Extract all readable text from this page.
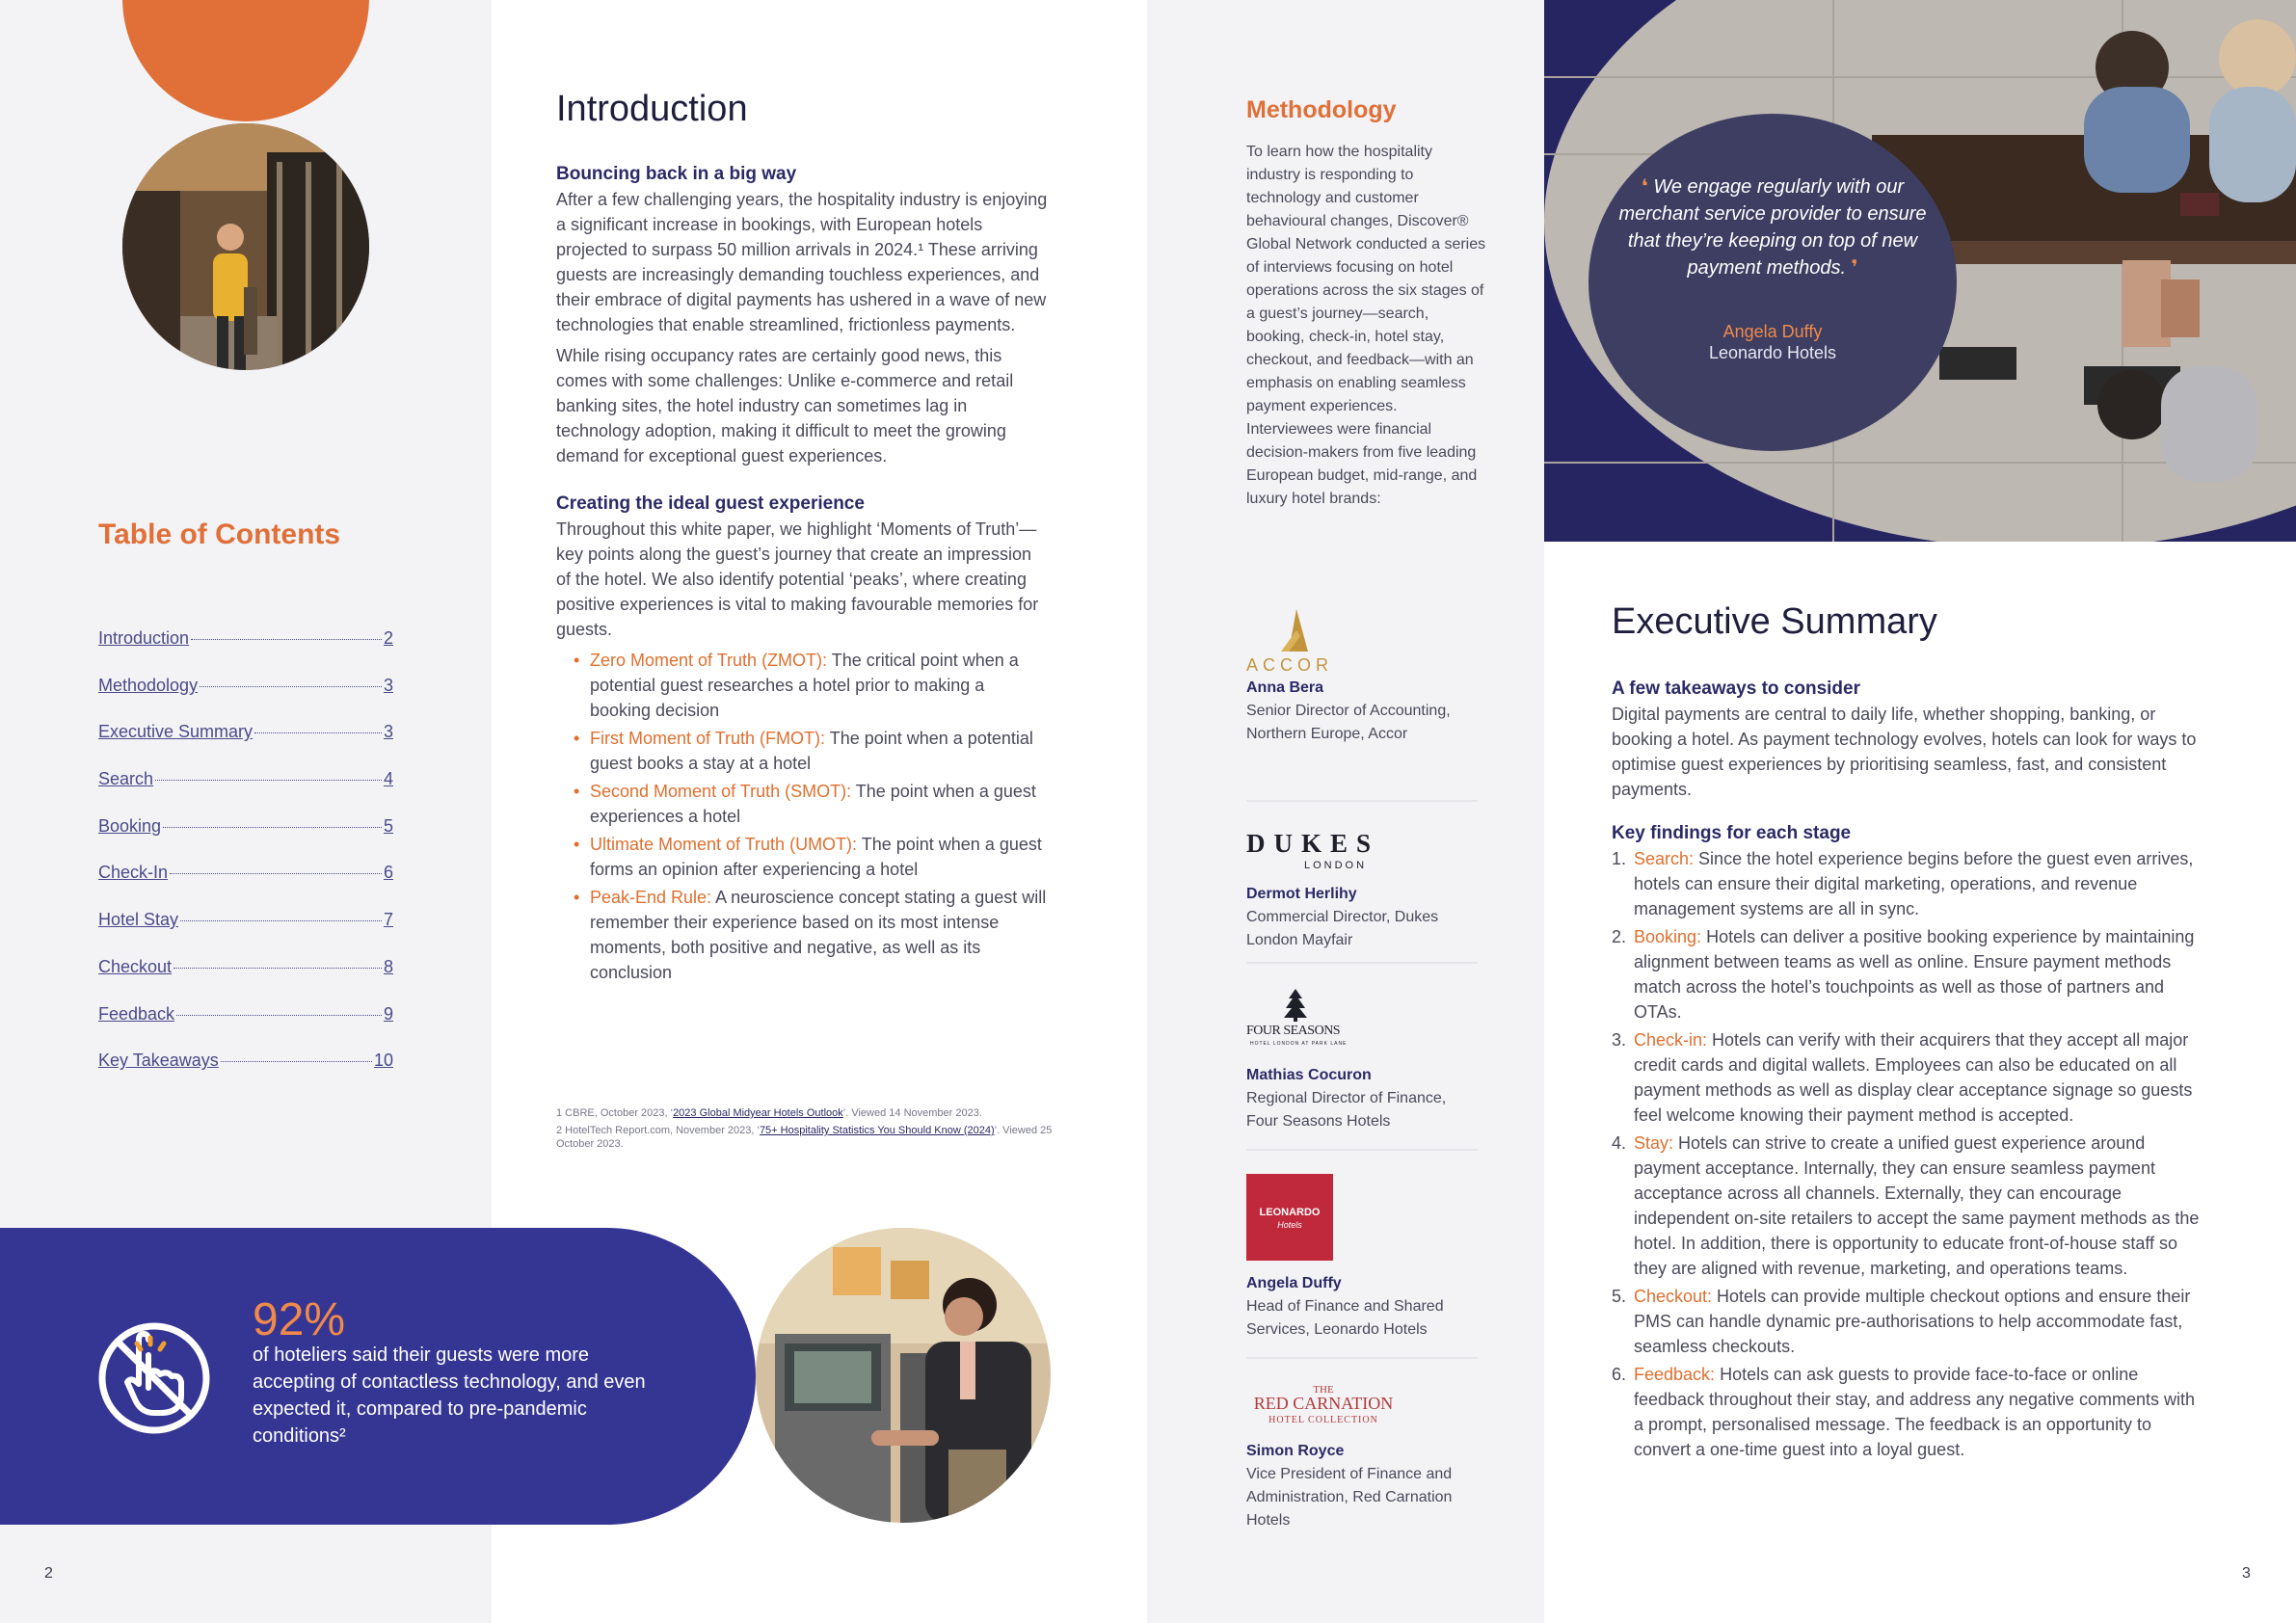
Table of Contents
Introduction	2
Methodology	3
Executive Summary	3
Search	4
Booking	5
Check-In	6
Hotel Stay	7
Checkout	8
Feedback	9
Key Takeaways	10
92%
of hoteliers said their guests were more accepting of contactless technology, and even expected it, compared to pre-pandemic conditions²
Introduction
Bouncing back in a big way

After a few challenging years, the hospitality industry is enjoying a significant increase in bookings, with European hotels projected to surpass 50 million arrivals in 2024.¹ These arriving guests are increasingly demanding touchless experiences, and their embrace of digital payments has ushered in a wave of new technologies that enable streamlined, frictionless payments.

While rising occupancy rates are certainly good news, this comes with some challenges: Unlike e-commerce and retail banking sites, the hotel industry can sometimes lag in technology adoption, making it difficult to meet the growing demand for exceptional guest experiences.

Creating the ideal guest experience

Throughout this white paper, we highlight ‘Moments of Truth’—key points along the guest’s journey that create an impression of the hotel. We also identify potential ‘peaks’, where creating positive experiences is vital to making favourable memories for guests.

• Zero Moment of Truth (ZMOT): The critical point when a potential guest researches a hotel prior to making a booking decision
• First Moment of Truth (FMOT): The point when a potential guest books a stay at a hotel
• Second Moment of Truth (SMOT): The point when a guest experiences a hotel
• Ultimate Moment of Truth (UMOT): The point when a guest forms an opinion after experiencing a hotel
• Peak-End Rule: A neuroscience concept stating a guest will remember their experience based on its most intense moments, both positive and negative, as well as its conclusion
1 CBRE, October 2023, ‘2023 Global Midyear Hotels Outlook’. Viewed 14 November 2023.
2 HotelTech Report.com, November 2023, ‘75+ Hospitality Statistics You Should Know (2024)’. Viewed 25 October 2023.
2
Methodology
To learn how the hospitality industry is responding to technology and customer behavioural changes, Discover® Global Network conducted a series of interviews focusing on hotel operations across the six stages of a guest’s journey—search, booking, check-in, hotel stay, checkout, and feedback—with an emphasis on enabling seamless payment experiences. Interviewees were financial decision-makers from five leading European budget, mid-range, and luxury hotel brands:
ACCOR
Anna Bera
Senior Director of Accounting, Northern Europe, Accor
DUKES
LONDON
Dermot Herlihy
Commercial Director, Dukes London Mayfair
FOUR SEASONS
HOTEL LONDON AT PARK LANE
Mathias Cocuron
Regional Director of Finance, Four Seasons Hotels
LEONARDO
Hotels
Angela Duffy
Head of Finance and Shared Services, Leonardo Hotels
THE
RED CARNATION
HOTEL COLLECTION
Simon Royce
Vice President of Finance and Administration, Red Carnation Hotels
❛ We engage regularly with our merchant service provider to ensure that they’re keeping on top of new payment methods. ❜
Angela Duffy
Leonardo Hotels
Executive Summary
A few takeaways to consider

Digital payments are central to daily life, whether shopping, banking, or booking a hotel. As payment technology evolves, hotels can look for ways to optimise guest experiences by prioritising seamless, fast, and consistent payments.

Key findings for each stage
1. Search: Since the hotel experience begins before the guest even arrives, hotels can ensure their digital marketing, operations, and revenue management systems are all in sync.
2. Booking: Hotels can deliver a positive booking experience by maintaining alignment between teams as well as online. Ensure payment methods match across the hotel’s touchpoints as well as those of partners and OTAs.
3. Check-in: Hotels can verify with their acquirers that they accept all major credit cards and digital wallets. Employees can also be educated on all payment methods as well as display clear acceptance signage so guests feel welcome knowing their payment method is accepted.
4. Stay: Hotels can strive to create a unified guest experience around payment acceptance. Internally, they can ensure seamless payment acceptance across all channels. Externally, they can encourage independent on-site retailers to accept the same payment methods as the hotel. In addition, there is opportunity to educate front-of-house staff so they are aligned with revenue, marketing, and operations teams.
5. Checkout: Hotels can provide multiple checkout options and ensure their PMS can handle dynamic pre-authorisations to help accommodate fast, seamless checkouts.
6. Feedback: Hotels can ask guests to provide face-to-face or online feedback throughout their stay, and address any negative comments with a prompt, personalised message. The feedback is an opportunity to convert a one-time guest into a loyal guest.
3
